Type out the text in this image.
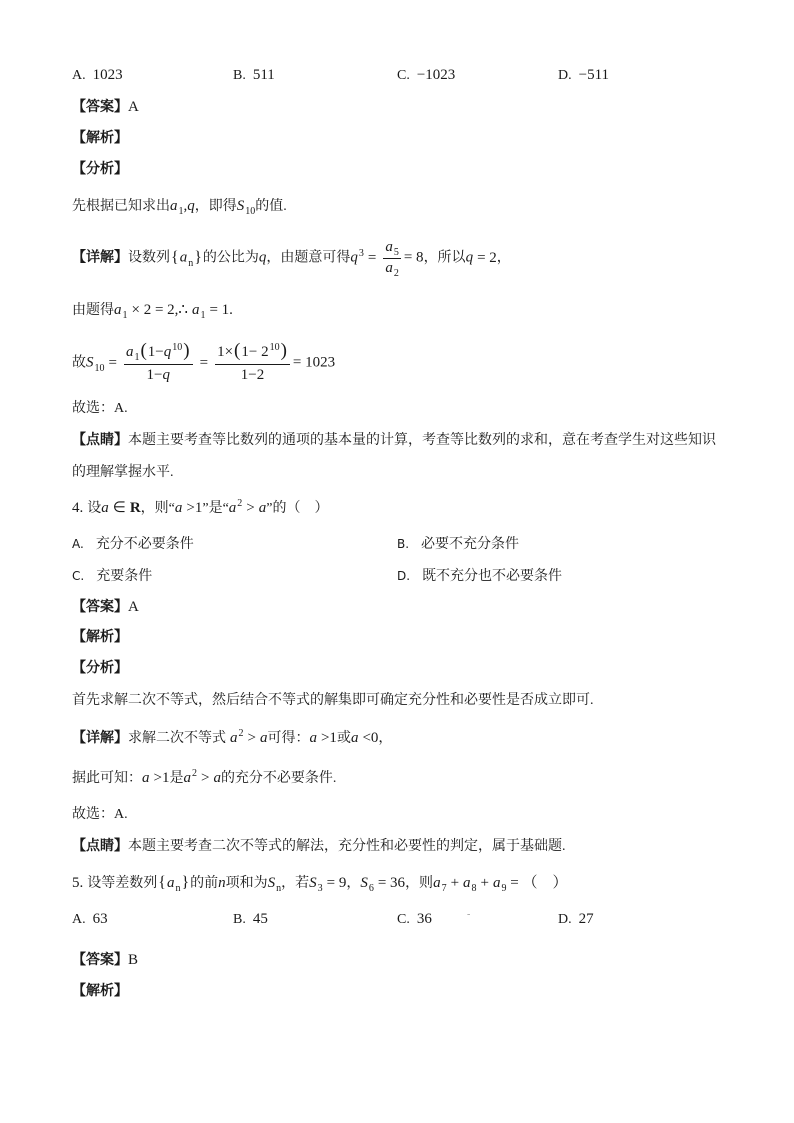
A. 1023	B. 511	C. −1023	D. −511
【答案】A
【解析】
【分析】
先根据已知求出$a_1,q$，即得$S_{10}$的值.
【详解】设数列$\{a_n\}$的公比为q，由题意可得$q^3 = \frac{a_5}{a_2} = 8$，所以q = 2，
由题得$a_1 \times 2$ = 2,∴ $a_1 = 1$.
故$S_{10} = \frac{a_1(1-q^{10})}{1-q} = \frac{1\times(1- 2^{10})}{1-2} = 1023$
故选：A.
【点睛】本题主要考查等比数列的通项的基本量的计算，考查等比数列的求和，意在考查学生对这些知识
的理解掌握水平.
4. 设a ∈ R，则“a >1”是“$a^2 > a$”的（    ）
A. 充分不必要条件	B. 必要不充分条件
C. 充要条件	D. 既不充分也不必要条件
【答案】A
【解析】
【分析】
首先求解二次不等式，然后结合不等式的解集即可确定充分性和必要性是否成立即可.
【详解】求解二次不等式 $a^2 > a$可得：a >1或a <0，
据此可知：a >1是$a^2 > a$的充分不必要条件.
故选：A.
【点睛】本题主要考查二次不等式的解法，充分性和必要性的判定，属于基础题.
5. 设等差数列$\{a_n\}$的前n项和为$S_n$，若$S_3 = 9$，$S_6 = 36$，则$a_7 + a_8 + a_9$ = （    ）
A. 63	B. 45	C. 36	D. 27
-
【答案】B
【解析】
